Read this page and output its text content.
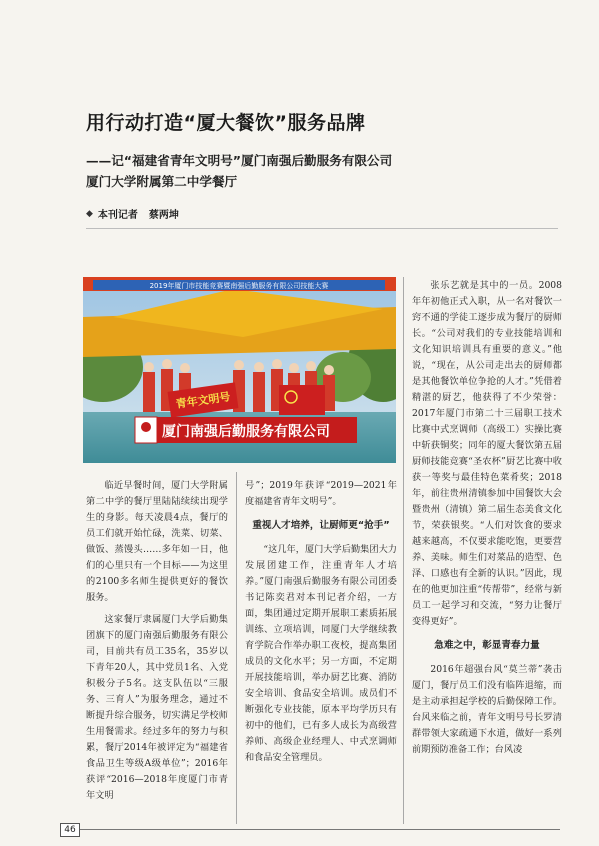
用行动打造“厦大餐饮”服务品牌
——记“福建省青年文明号”厦门南强后勤服务有限公司
厦门大学附属第二中学餐厅
◆ 本刊记者 蔡两坤
2019年厦门市技能竞赛暨南强后勤服务有限公司技能大赛
青年文明号
厦门南强后勤服务有限公司

临近早餐时间，厦门大学附属第二中学的餐厅里陆陆续续出现学生的身影。每天凌晨4点，餐厅的员工们就开始忙碌，洗菜、切菜、做饭、蒸馒头……多年如一日，他们的心里只有一个目标——为这里的2100多名师生提供更好的餐饮服务。

这家餐厅隶属厦门大学后勤集团旗下的厦门南强后勤服务有限公司，目前共有员工35名，35岁以下青年20人，其中党员1名、入党积极分子5名。这支队伍以“三服务、三育人”为服务理念，通过不断提升综合服务，切实满足学校师生用餐需求。经过多年的努力与积累，餐厅2014年被评定为“福建省食品卫生等级A级单位”；2016年获评“2016—2018年度厦门市青年文明

号”；2019年获评“2019—2021年度福建省青年文明号”。

重视人才培养，让厨师更“抢手”

“这几年，厦门大学后勤集团大力发展团建工作，注重青年人才培养。”厦门南强后勤服务有限公司团委书记陈奕君对本刊记者介绍，一方面，集团通过定期开展职工素质拓展训练、立项培训，同厦门大学继续教育学院合作举办职工夜校，提高集团成员的文化水平；另一方面，不定期开展技能培训，举办厨艺比赛、消防安全培训、食品安全培训。成员们不断强化专业技能，原本平均学历只有初中的他们，已有多人成长为高级营养师、高级企业经理人、中式烹调师和食品安全管理员。

张乐艺就是其中的一员。2008年年初他正式入职，从一名对餐饮一窍不通的学徒工逐步成为餐厅的厨师长。“公司对我们的专业技能培训和文化知识培训具有重要的意义。”他说，“现在，从公司走出去的厨师都是其他餐饮单位争抢的人才。”凭借着精湛的厨艺，他获得了不少荣誉：2017年厦门市第二十三届职工技术比赛中式烹调师（高级工）实操比赛中斩获铜奖；同年的厦大餐饮第五届厨师技能竞赛“圣农杯”厨艺比赛中收获一等奖与最佳特色菜肴奖；2018年，前往贵州清镇参加中国餐饮大会暨贵州（清镇）第二届生态美食文化节，荣获银奖。“人们对饮食的要求越来越高，不仅要求能吃饱，更要营养、美味。师生们对菜品的造型、色泽、口感也有全新的认识。”因此，现在的他更加注重“传帮带”，经常与新员工一起学习和交流，“努力让餐厅变得更好”。

急难之中，彰显青春力量

2016年超强台风“莫兰蒂”袭击厦门，餐厅员工们没有临阵退缩，而是主动承担起学校的后勤保障工作。台风来临之前，青年文明号号长罗清群带领大家疏通下水道，做好一系列前期预防准备工作；台风凌

46
